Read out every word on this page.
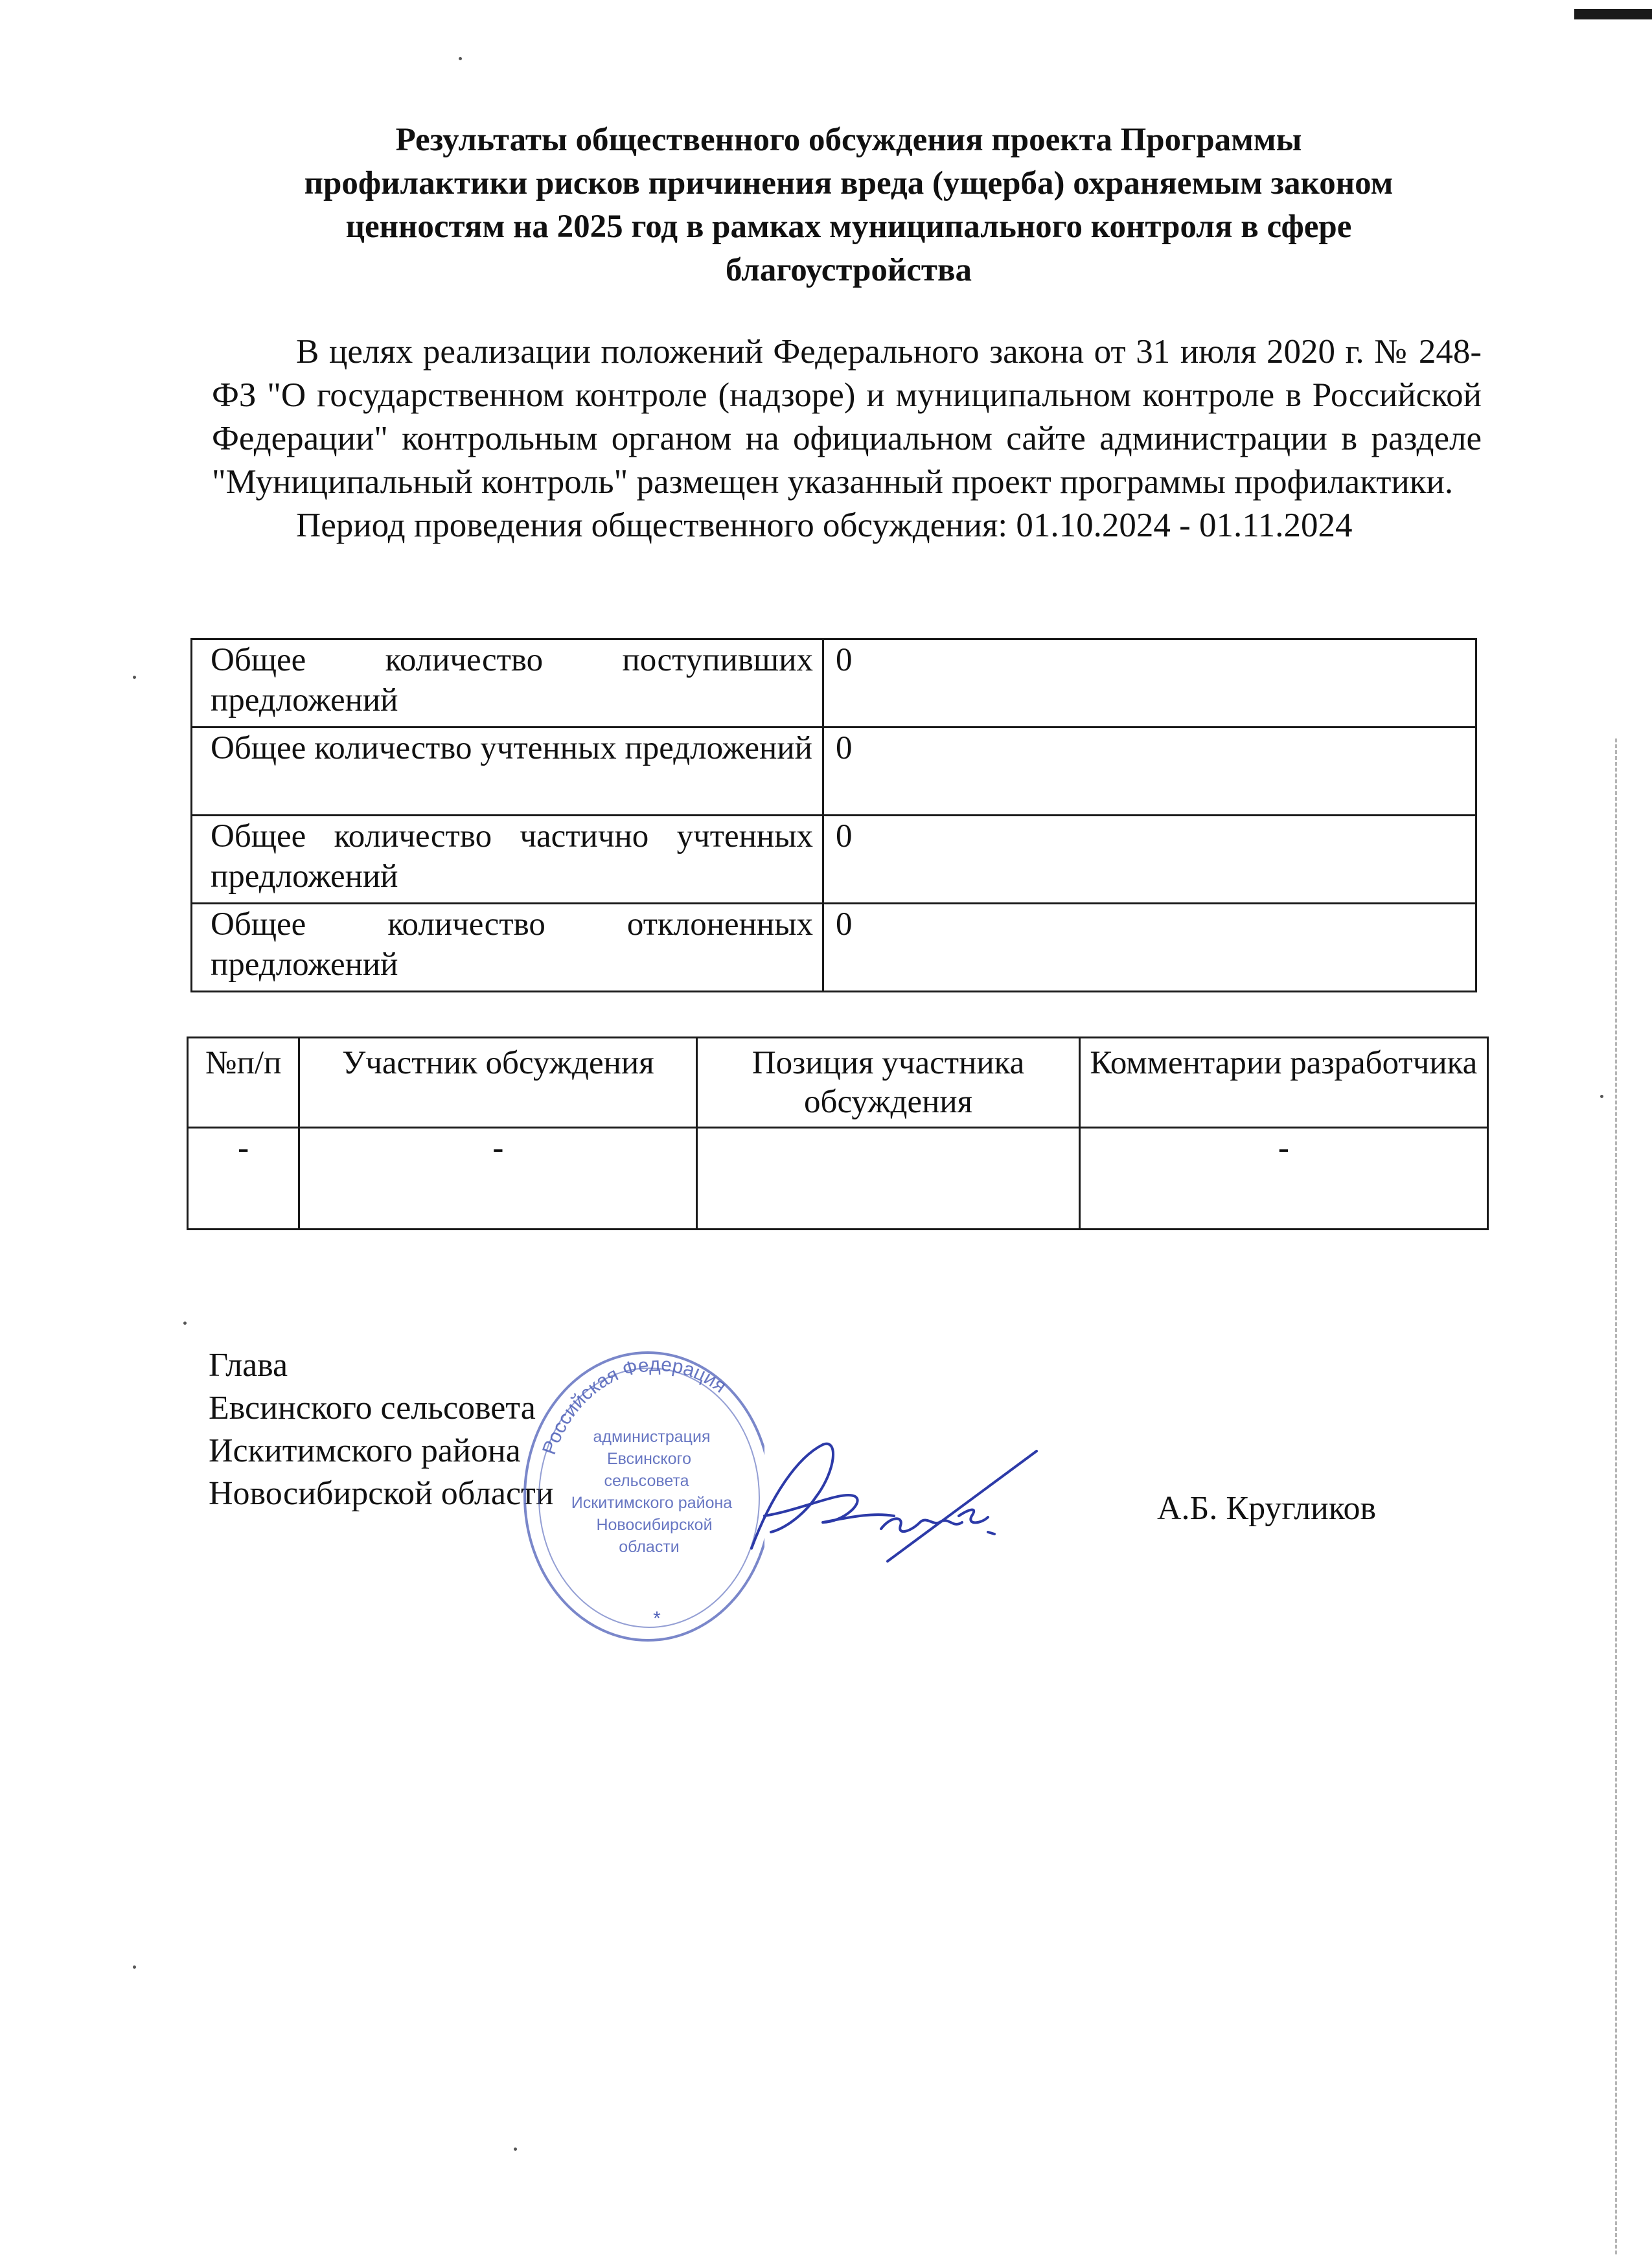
Результаты общественного обсуждения проекта Программы
профилактики рисков причинения вреда (ущерба) охраняемым законом
ценностям на 2025 год в рамках муниципального контроля в сфере
благоустройства

В целях реализации положений Федерального закона от 31 июля 2020 г. № 248-ФЗ "О государственном контроле (надзоре) и муниципальном контроле в Российской Федерации" контрольным органом на официальном сайте администрации в разделе "Муниципальный контроль" размещен указанный проект программы профилактики.

Период проведения общественного обсуждения: 01.10.2024 - 01.11.2024

Общее количество поступивших предложений	0
Общее количество учтенных предложений	0
Общее количество частично учтенных предложений	0
Общее количество отклоненных предложений	0
№п/п	Участник обсуждения	Позиция участника обсуждения	Комментарии разработчика
-	-		-
Глава
Евсинского сельсовета
Искитимского района
Новосибирской области	А.Б. Кругликов
Российская Федерация
администрация
Евсинского
сельсовета
Искитимского района
Новосибирской
области
*
